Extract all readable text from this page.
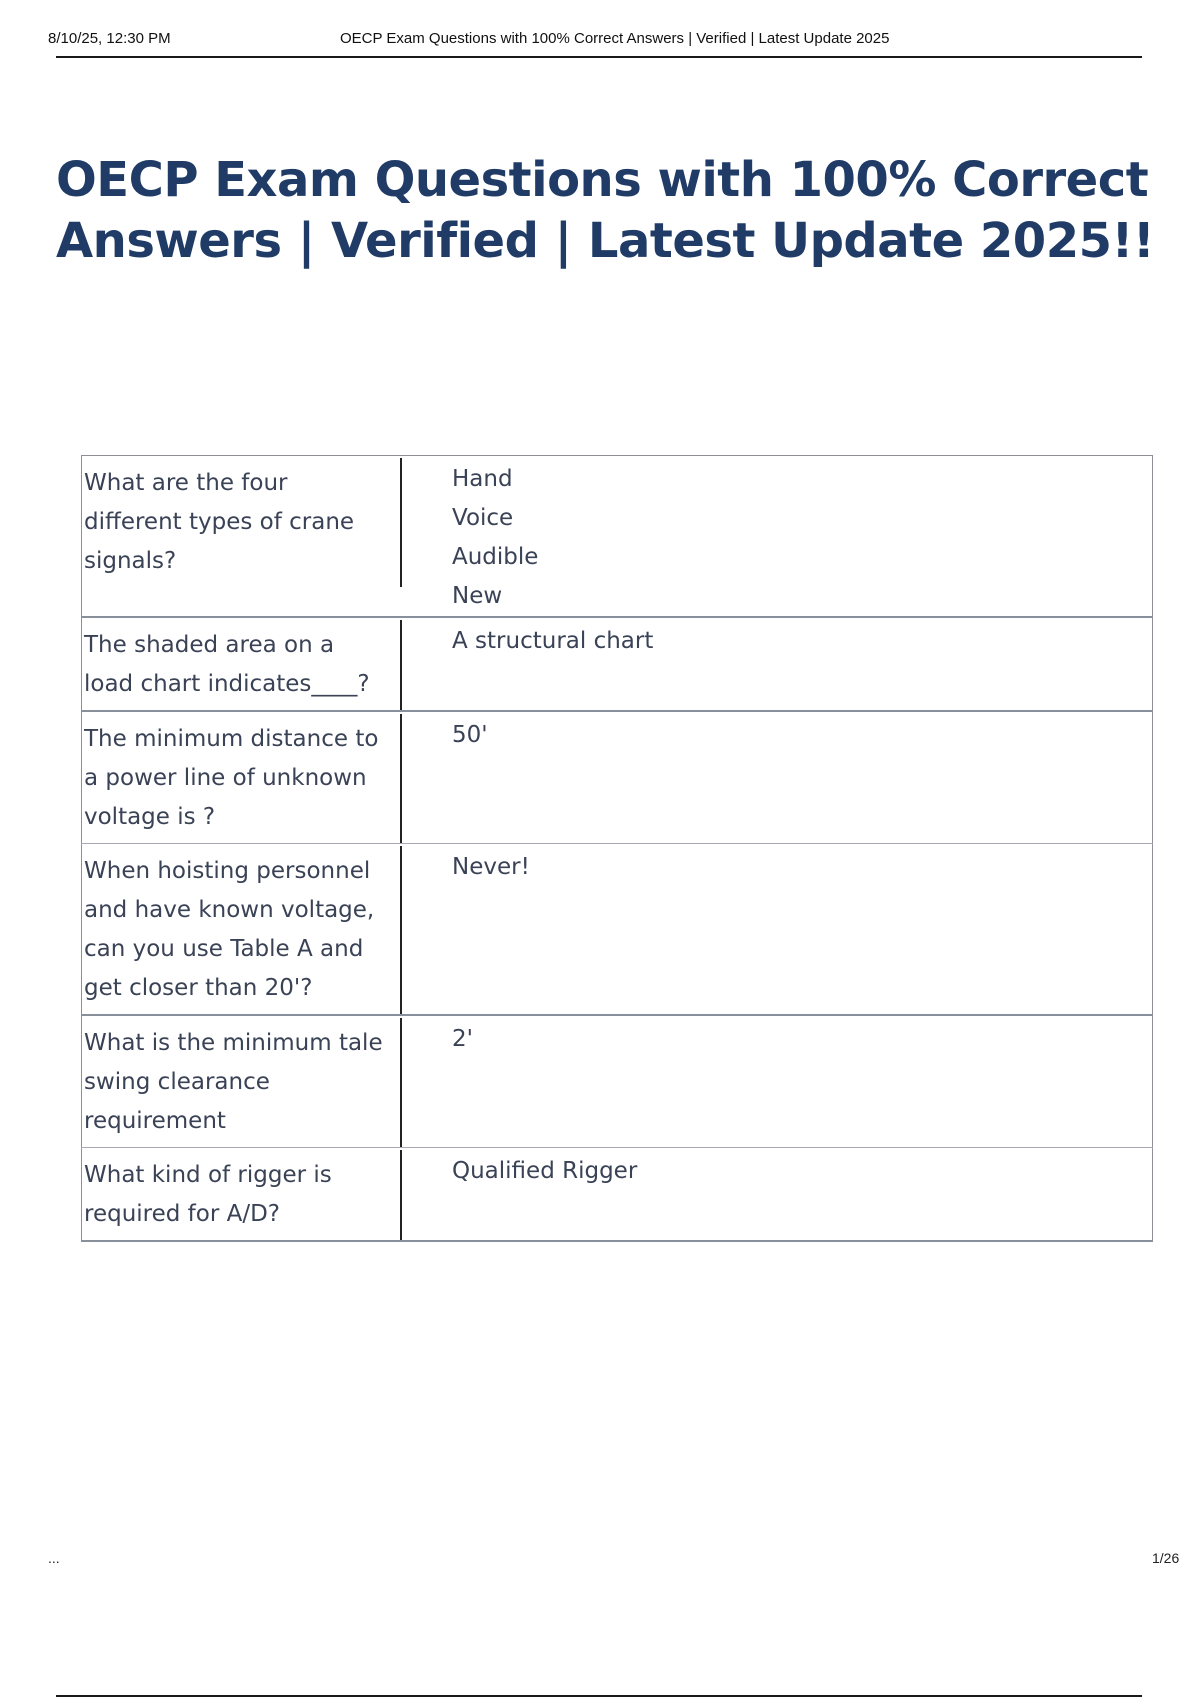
8/10/25, 12:30 PM	OECP Exam Questions with 100% Correct Answers | Verified | Latest Update 2025
OECP Exam Questions with 100% Correct Answers | Verified | Latest Update 2025!!
What are the four different types of crane signals?	Hand
Voice
Audible
New

The shaded area on a load chart indicates____?	A structural chart

The minimum distance to a power line of unknown voltage is ?	50'

When hoisting personnel and have known voltage, can you use Table A and get closer than 20'?	Never!

What is the minimum tale swing clearance requirement	2'

What kind of rigger is required for A/D?	Qualified Rigger
...	1/26
